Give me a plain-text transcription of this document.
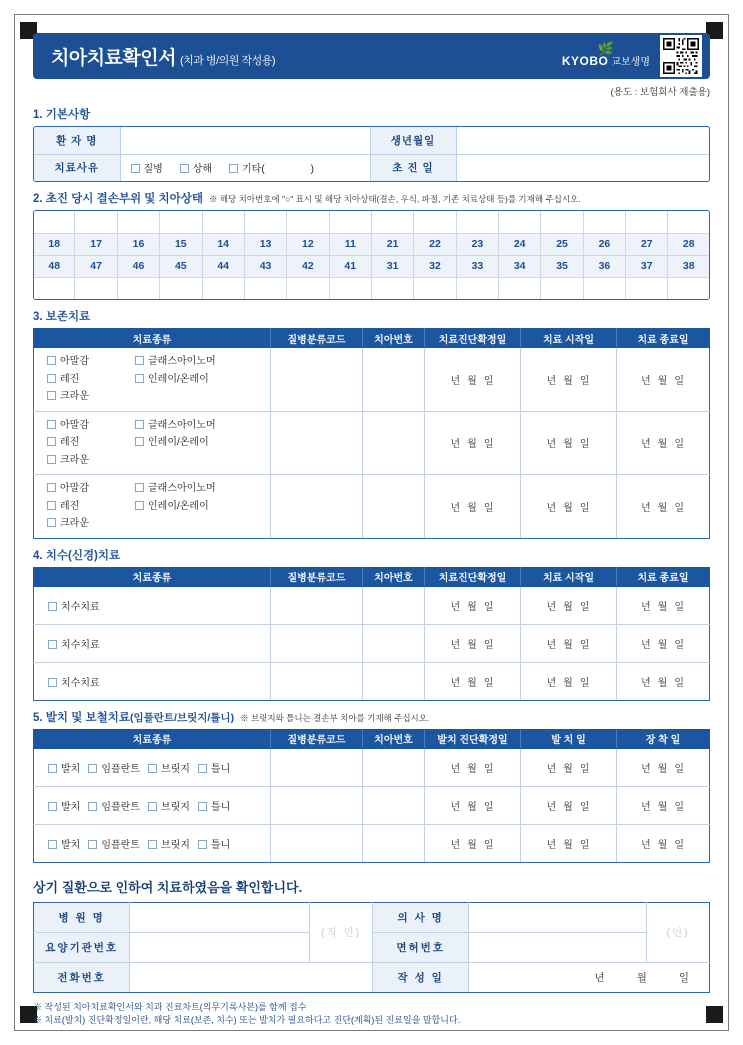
치아치료확인서 (치과 병/의원 작성용)
🌿
KYOBO 교보생명
(용도 : 보험회사 제출용)
1. 기본사항
환 자 명		생년월일	
치료사유	질병 상해 기타( )	초 진 일	
2. 초진 당시 결손부위 및 치아상태 ※ 해당 치아번호에 "○" 표시 및 해당 치아상태(결손, 우식, 파절, 기존 치료상태 등)를 기재해 주십시오.

18	17	16	15	14	13	12	11	21	22	23	24	25	26	27	28
48	47	46	45	44	43	42	41	31	32	33	34	35	36	37	38

3. 보존치료
치료종류	질병분류코드	치아번호	치료진단확정일	치료 시작일	치료 종료일

아말감 글래스아이노머
레진 인레이/온레이크라운			년월일	년월일	년월일

아말감 글래스아이노머
레진 인레이/온레이크라운			년월일	년월일	년월일

아말감 글래스아이노머
레진 인레이/온레이크라운			년월일	년월일	년월일
4. 치수(신경)치료
치료종류	질병분류코드	치아번호	치료진단확정일	치료 시작일	치료 종료일
치수치료			년월일	년월일	년월일
치수치료			년월일	년월일	년월일
치수치료			년월일	년월일	년월일
5. 발치 및 보철치료(임플란트/브릿지/틀니) ※ 브릿지와 틀니는 결손부 치아를 기재해 주십시오.
치료종류	질병분류코드	치아번호	발치 진단확정일	발 치 일	장 착 일
발치 임플란트 브릿지 틀니			년월일	년월일	년월일
발치 임플란트 브릿지 틀니			년월일	년월일	년월일
발치 임플란트 브릿지 틀니			년월일	년월일	년월일
상기 질환으로 인하여 치료하였음을 확인합니다.
병 원 명		(직 인)	의 사 명		(인)
요양기관번호			면허번호		
전화번호			작 성 일	년 월 일	
※ 작성된 치아치료확인서와 치과 진료차트(의무기록사본)를 함께 접수
※ 치료(발치) 진단확정일이란, 해당 치료(보존, 치수) 또는 발치가 필요하다고 진단(계획)된 진료일을 말합니다.
